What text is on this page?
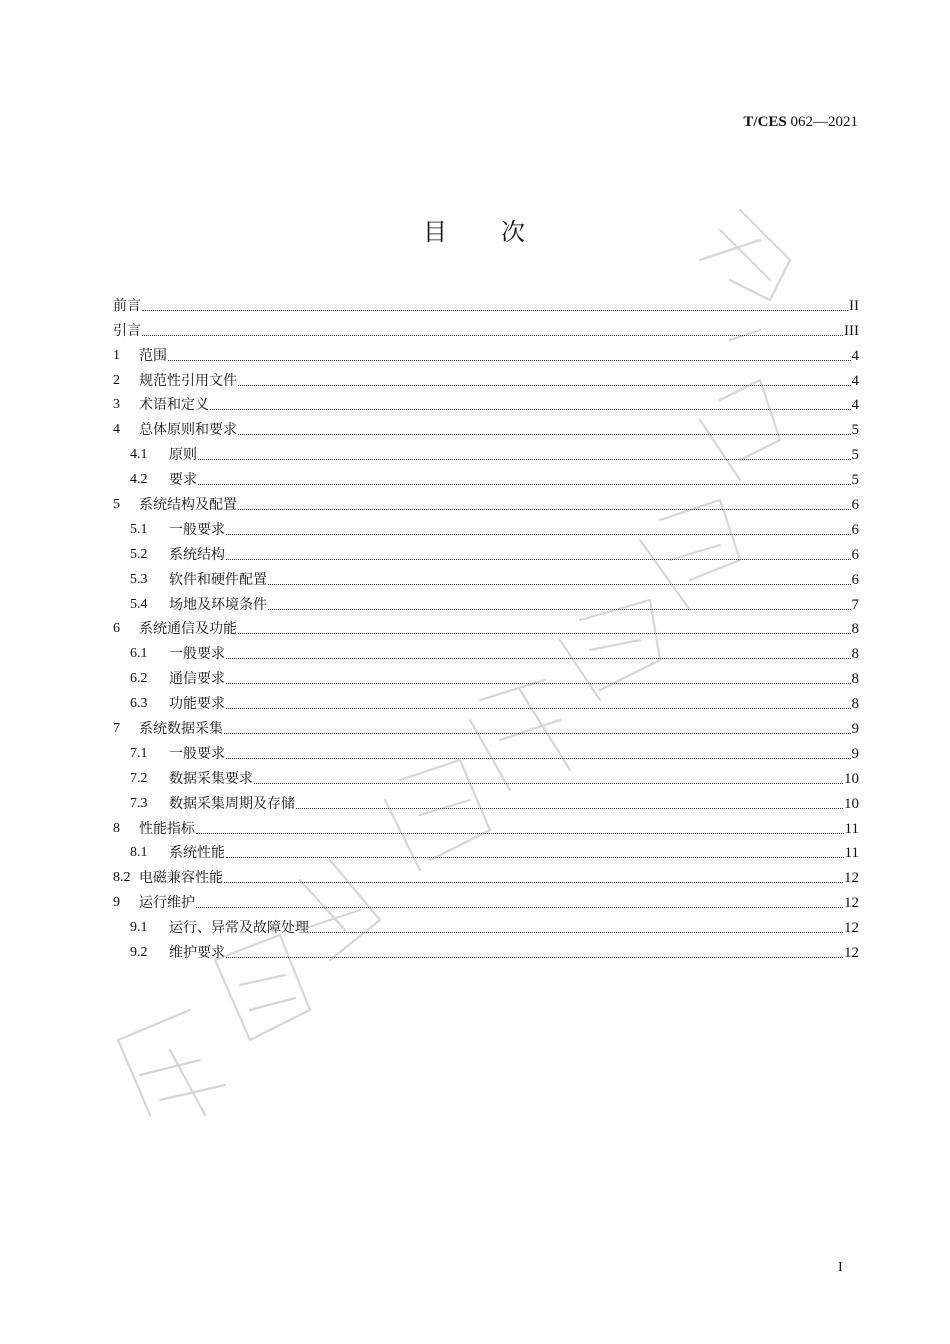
T/CES 062—2021
目 次
前言	II
引言	III
1	范围	4
2	规范性引用文件	4
3	术语和定义	4
4	总体原则和要求	5
4.1	原则	5
4.2	要求	5
5	系统结构及配置	6
5.1	一般要求	6
5.2	系统结构	6
5.3	软件和硬件配置	6
5.4	场地及环境条件	7
6	系统通信及功能	8
6.1	一般要求	8
6.2	通信要求	8
6.3	功能要求	8
7	系统数据采集	9
7.1	一般要求	9
7.2	数据采集要求	10
7.3	数据采集周期及存储	10
8	性能指标	11
8.1	系统性能	11
8.2 电磁兼容性能	12
9	运行维护	12
9.1	运行、异常及故障处理	12
9.2	维护要求	12
I
